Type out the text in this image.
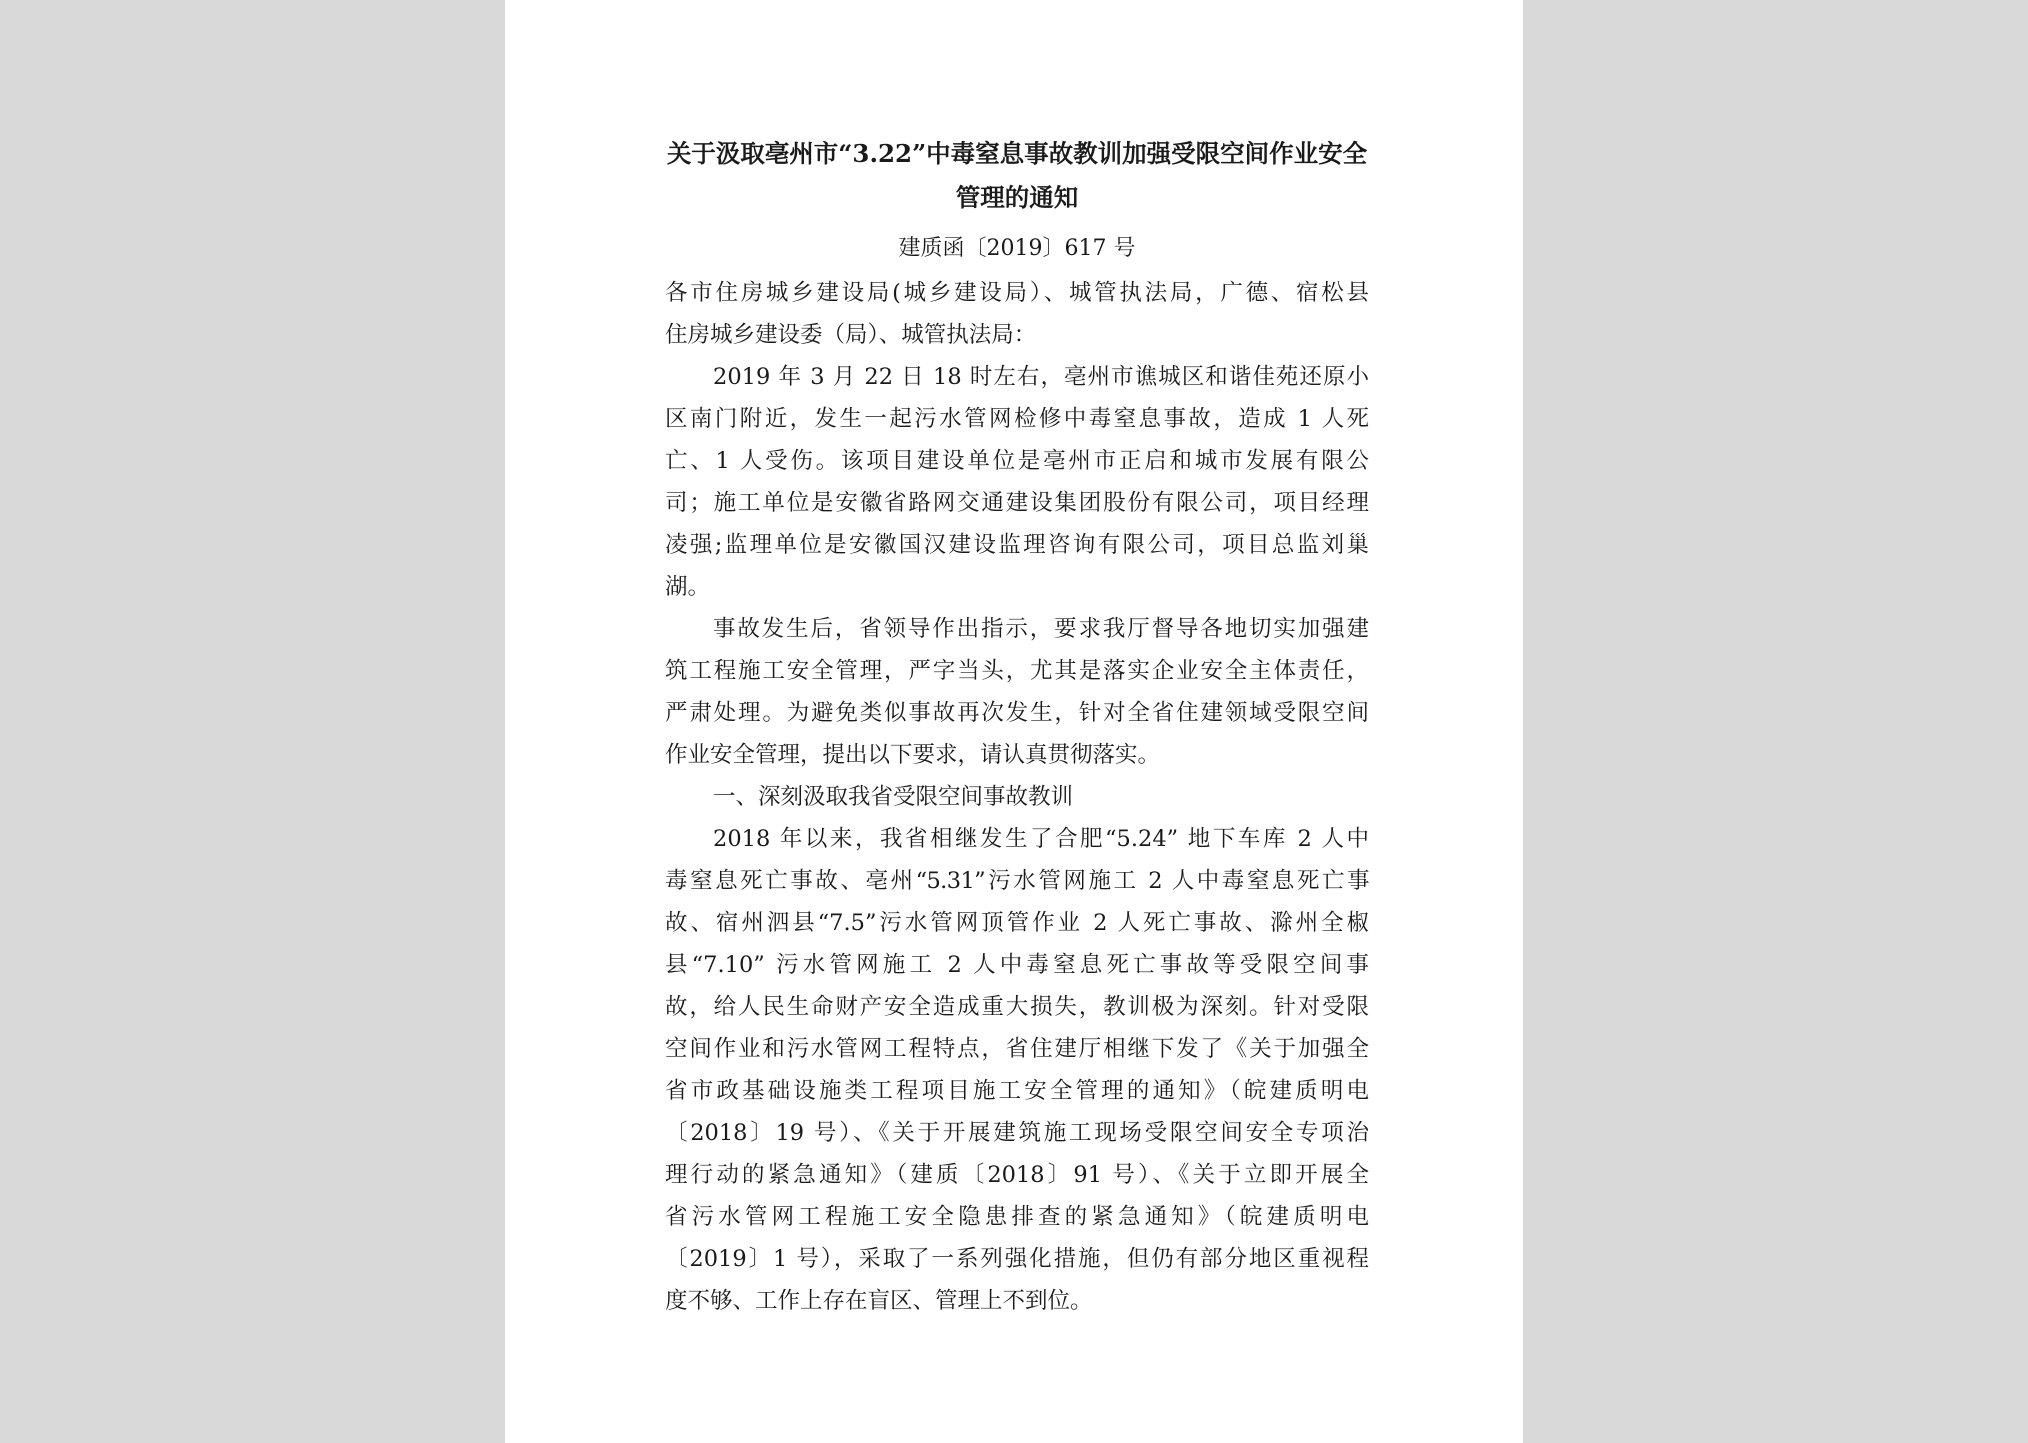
关于汲取亳州市“3.22”中毒窒息事故教训加强受限空间作业安全
管理的通知
建质函〔2019〕617 号
各市住房城乡建设局(城乡建设局）、城管执法局，广德、宿松县
住房城乡建设委（局）、城管执法局：
2019 年 3 月 22 日 18 时左右，亳州市谯城区和谐佳苑还原小
区南门附近，发生一起污水管网检修中毒窒息事故，造成 1 人死
亡、1 人受伤。该项目建设单位是亳州市正启和城市发展有限公
司；施工单位是安徽省路网交通建设集团股份有限公司，项目经理
凌强;监理单位是安徽国汉建设监理咨询有限公司，项目总监刘巢
湖。
事故发生后，省领导作出指示，要求我厅督导各地切实加强建
筑工程施工安全管理，严字当头，尤其是落实企业安全主体责任，
严肃处理。为避免类似事故再次发生，针对全省住建领域受限空间
作业安全管理，提出以下要求，请认真贯彻落实。
一、深刻汲取我省受限空间事故教训
2018 年以来，我省相继发生了合肥“5.24” 地下车库 2 人中
毒窒息死亡事故、亳州“5.31”污水管网施工 2 人中毒窒息死亡事
故、宿州泗县“7.5”污水管网顶管作业 2 人死亡事故、滁州全椒
县“7.10” 污水管网施工 2 人中毒窒息死亡事故等受限空间事
故，给人民生命财产安全造成重大损失，教训极为深刻。针对受限
空间作业和污水管网工程特点，省住建厅相继下发了《关于加强全
省市政基础设施类工程项目施工安全管理的通知》（皖建质明电
〔2018〕19 号）、《关于开展建筑施工现场受限空间安全专项治
理行动的紧急通知》（建质〔2018〕91 号）、《关于立即开展全
省污水管网工程施工安全隐患排查的紧急通知》（皖建质明电
〔2019〕1 号），采取了一系列强化措施，但仍有部分地区重视程
度不够、工作上存在盲区、管理上不到位。
